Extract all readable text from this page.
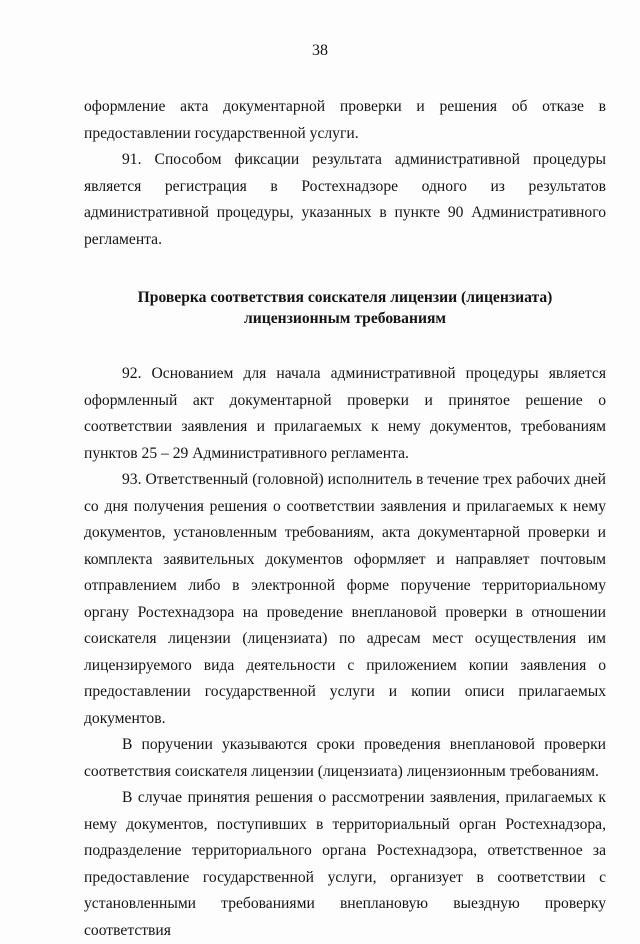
38

оформление акта документарной проверки и решения об отказе в предоставлении государственной услуги.

91. Способом фиксации результата административной процедуры является регистрация в Ростехнадзоре одного из результатов административной процедуры, указанных в пункте 90 Административного регламента.

Проверка соответствия соискателя лицензии (лицензиата)
лицензионным требованиям

92. Основанием для начала административной процедуры является оформленный акт документарной проверки и принятое решение о соответствии заявления и прилагаемых к нему документов, требованиям пунктов 25 – 29 Административного регламента.

93. Ответственный (головной) исполнитель в течение трех рабочих дней со дня получения решения о соответствии заявления и прилагаемых к нему документов, установленным требованиям, акта документарной проверки и комплекта заявительных документов оформляет и направляет почтовым отправлением либо в электронной форме поручение территориальному органу Ростехнадзора на проведение внеплановой проверки в отношении соискателя лицензии (лицензиата) по адресам мест осуществления им лицензируемого вида деятельности с приложением копии заявления о предоставлении государственной услуги и копии описи прилагаемых документов.

В поручении указываются сроки проведения внеплановой проверки соответствия соискателя лицензии (лицензиата) лицензионным требованиям.

В случае принятия решения о рассмотрении заявления, прилагаемых к нему документов, поступивших в территориальный орган Ростехнадзора, подразделение территориального органа Ростехнадзора, ответственное за предоставление государственной услуги, организует в соответствии с установленными требованиями внеплановую выездную проверку соответствия
